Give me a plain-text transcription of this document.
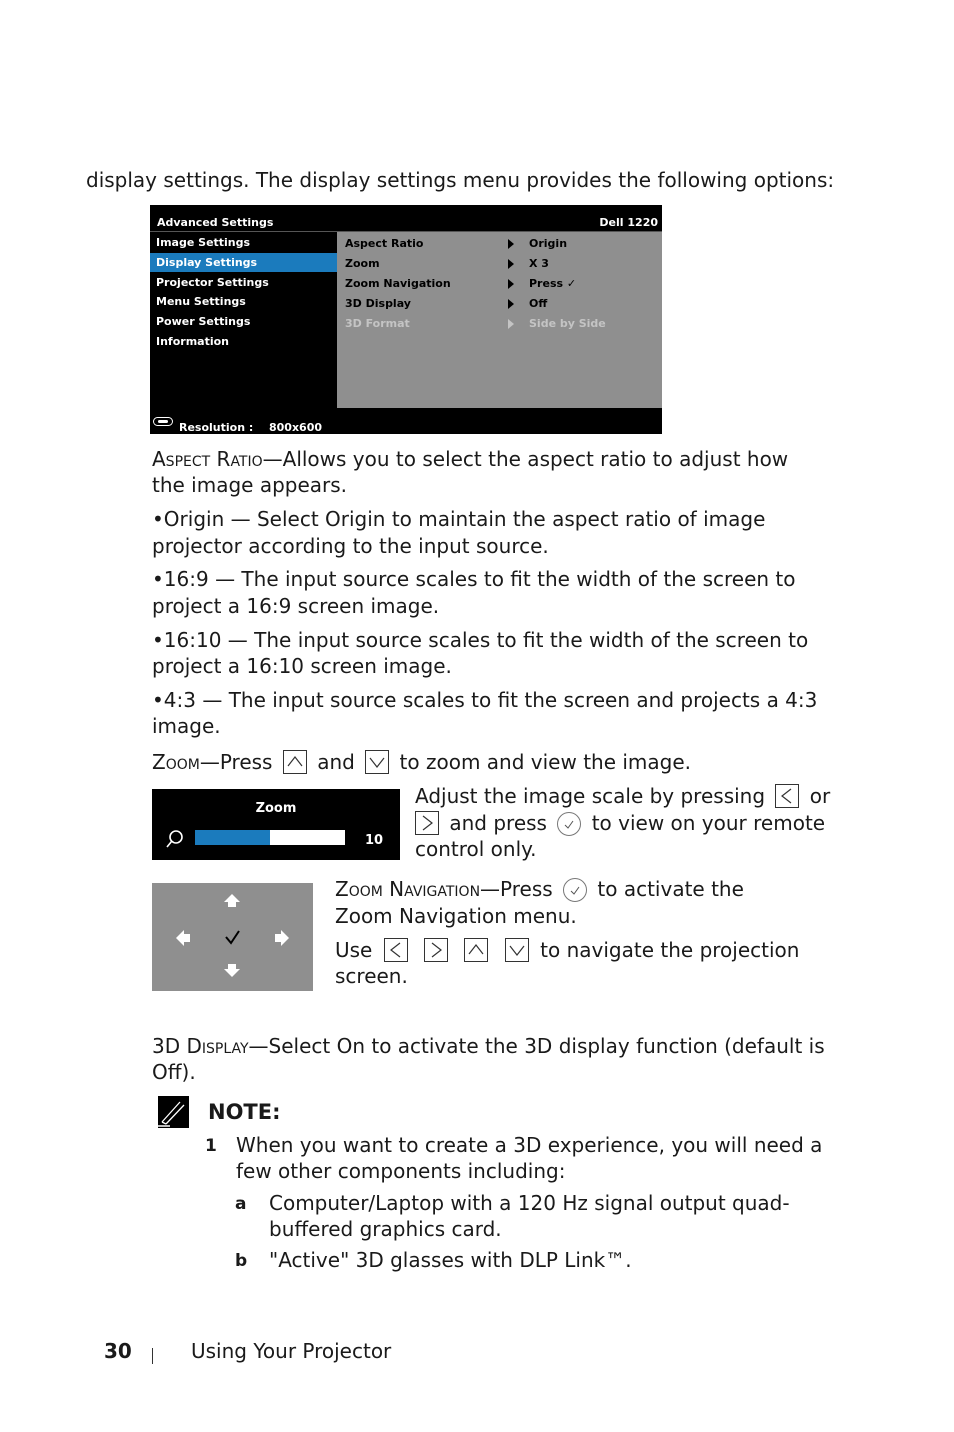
display settings. The display settings menu provides the following options:
Advanced Settings	Dell 1220
Image Settings
Display Settings
Projector Settings
Menu Settings
Power Settings
Information
Aspect Ratio	Origin
Zoom	X 3
Zoom Navigation	Press ✓
3D Display	Off
3D Format	Side by Side
Resolution : 800x600
Aspect Ratio—Allows you to select the aspect ratio to adjust how
the image appears.
•Origin — Select Origin to maintain the aspect ratio of image
projector according to the input source.
•16:9 — The input source scales to fit the width of the screen to
project a 16:9 screen image.
•16:10 — The input source scales to fit the width of the screen to
project a 16:10 screen image.
•4:3 — The input source scales to fit the screen and projects a 4:3
image.
Zoom—Press and to zoom and view the image.
Zoom
10
Adjust the image scale by pressing or
and press to view on your remote
control only.
Zoom Navigation—Press to activate the
Zoom Navigation menu.
Use

	to navigate the projection
screen.
3D Display—Select On to activate the 3D display function (default is
Off).
NOTE:
1 When you want to create a 3D experience, you will need a
few other components including:
a Computer/Laptop with a 120 Hz signal output quad-
buffered graphics card.
b "Active" 3D glasses with DLP Link™.
30	Using Your Projector
